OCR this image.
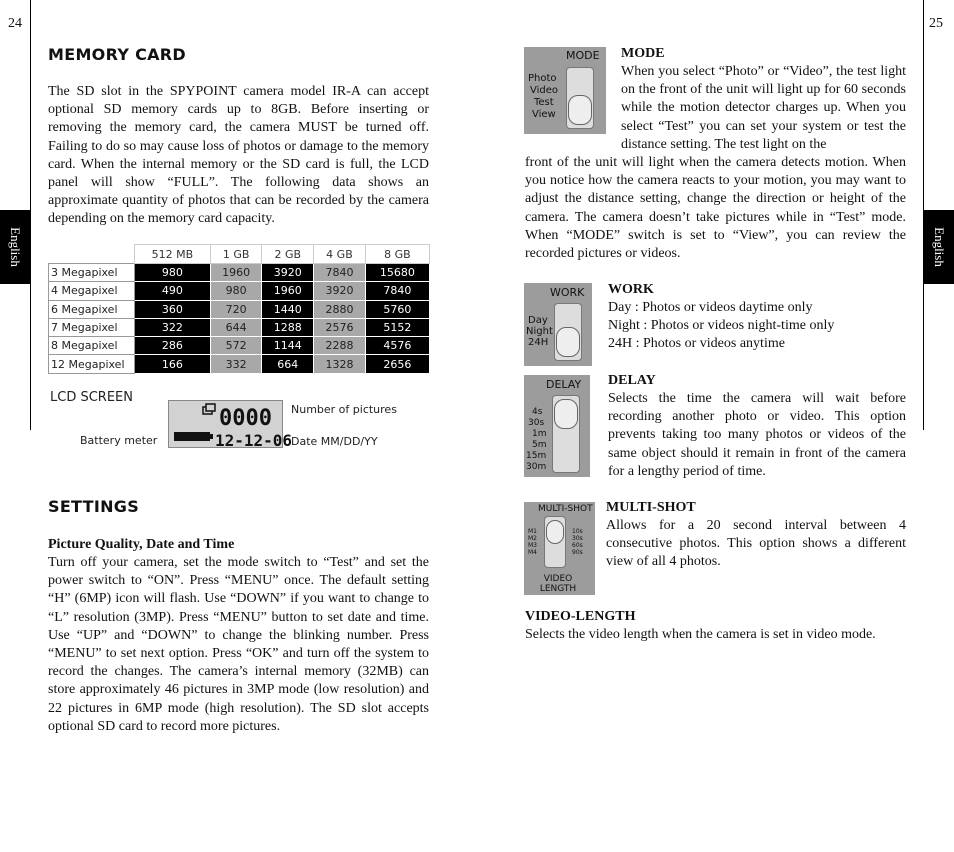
24	25
English	English
MEMORY CARD
The SD slot in the SPYPOINT camera model IR-A can accept optional SD memory cards up to 8GB. Before inserting or removing the memory card, the camera MUST be turned off. Failing to do so may cause loss of photos or damage to the memory card. When the internal memory or the SD card is full, the LCD panel will show “FULL”. The following data shows an approximate quantity of photos that can be recorded by the camera depending on the memory card capacity.
	512 MB	1 GB	2 GB	4 GB	8 GB
3 Megapixel	980	1960	3920	7840	15680
4 Megapixel	490	980	1960	3920	7840
6 Megapixel	360	720	1440	2880	5760
7 Megapixel	322	644	1288	2576	5152
8 Megapixel	286	572	1144	2288	4576
12 Megapixel	166	332	664	1328	2656
LCD SCREEN
0000
12-12-06
Battery meter
Number of pictures
Date MM/DD/YY
SETTINGS
Picture Quality, Date and Time
Turn off your camera, set the mode switch to “Test” and set the power switch to “ON”. Press “MENU” once. The default setting “H” (6MP) icon will flash. Use “DOWN” if you want to change to “L” resolution (3MP). Press “MENU” button to set date and time. Use “UP” and “DOWN” to change the blinking number. Press “MENU” to set next option. Press “OK” and turn off the system to record the changes. The camera’s internal memory (32MB) can store approximately 46 pictures in 3MP mode (low resolution) and 22 pictures in 6MP mode (high resolution). The SD slot accepts optional SD card to record more pictures.
MODE
Photo
Video
Test
View
MODE
When you select “Photo” or “Video”, the test light on the front of the unit will light up for 60 seconds while the motion detector charges up. When you select “Test” you can set your system or test the distance setting. The test light on the
front of the unit will light when the camera detects motion. When you notice how the camera reacts to your motion, you may want to adjust the distance setting, change the direction or height of the camera. The camera doesn’t take pictures while in “Test” mode. When “MODE” switch is set to “View”, you can review the recorded pictures or videos.
WORK
Day
Night
24H
WORK
Day : Photos or videos daytime only
Night : Photos or videos night-time only
24H : Photos or videos anytime
DELAY
4s
30s
1m
5m
15m
30m
DELAY
Selects the time the camera will wait before recording another photo or video. This option prevents taking too many photos or videos of the same object should it remain in front of the camera for a lengthy period of time.
MULTI-SHOT
M1
M2
M3
M4
10s
30s
60s
90s
VIDEO LENGTH
MULTI-SHOT
Allows for a 20 second interval between 4 consecutive photos. This option shows a different view of all 4 photos.
VIDEO-LENGTH
Selects the video length when the camera is set in video mode.
